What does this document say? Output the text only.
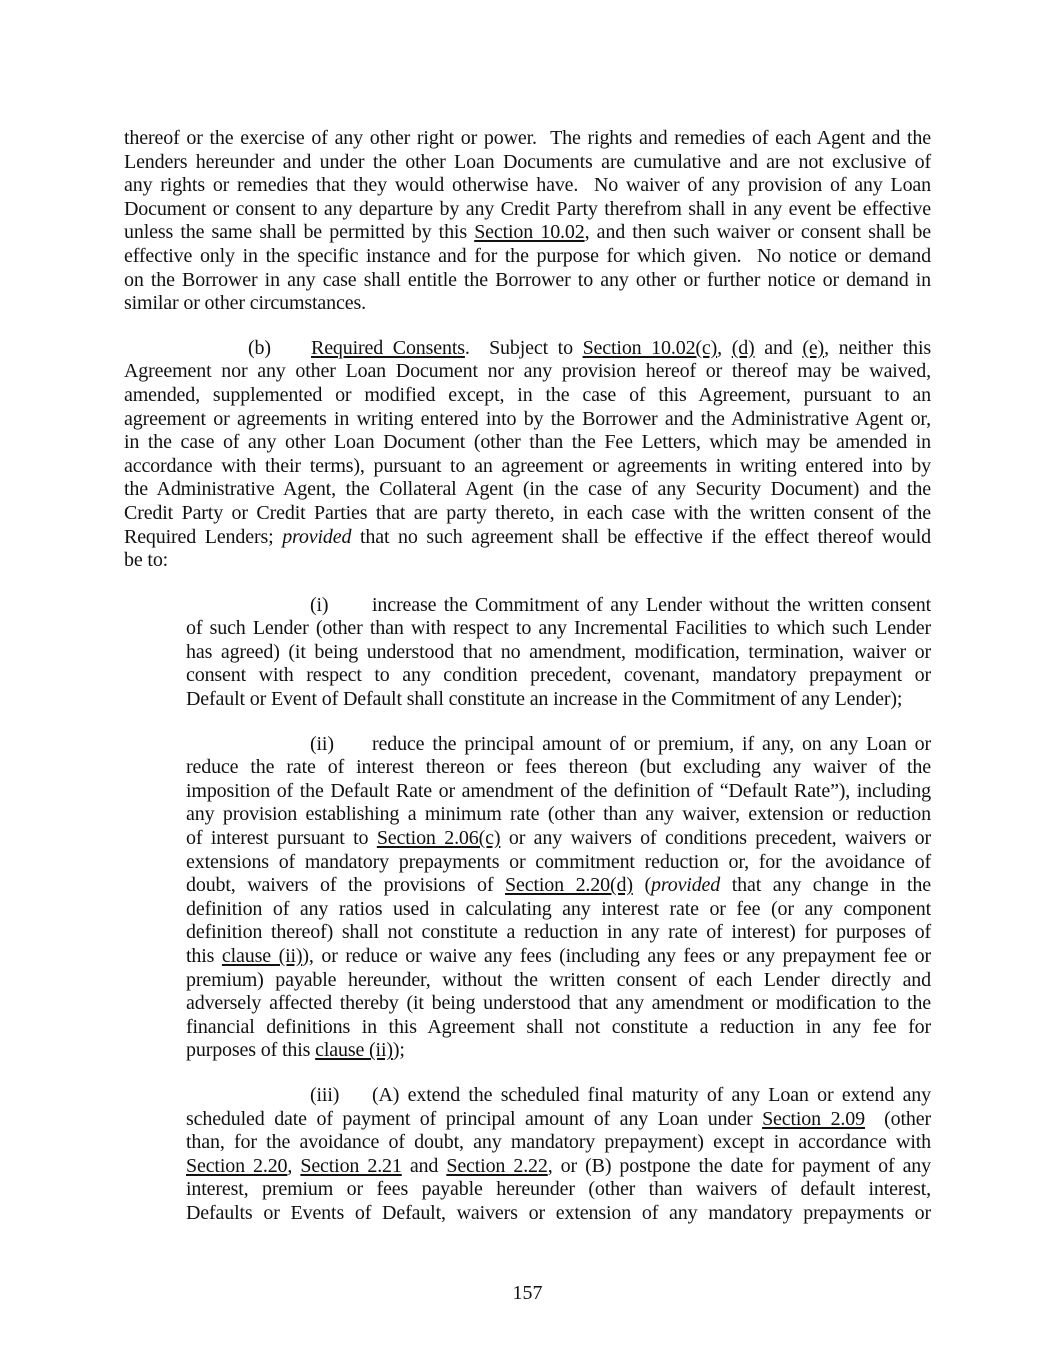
thereof or the exercise of any other right or power.  The rights and remedies of each Agent and the
Lenders hereunder and under the other Loan Documents are cumulative and are not exclusive of
any rights or remedies that they would otherwise have.  No waiver of any provision of any Loan
Document or consent to any departure by any Credit Party therefrom shall in any event be effective
unless the same shall be permitted by this Section 10.02, and then such waiver or consent shall be
effective only in the specific instance and for the purpose for which given.  No notice or demand
on the Borrower in any case shall entitle the Borrower to any other or further notice or demand in
similar or other circumstances.
(b) Required Consents.  Subject to Section 10.02(c), (d) and (e), neither this
Agreement nor any other Loan Document nor any provision hereof or thereof may be waived,
amended, supplemented or modified except, in the case of this Agreement, pursuant to an
agreement or agreements in writing entered into by the Borrower and the Administrative Agent or,
in the case of any other Loan Document (other than the Fee Letters, which may be amended in
accordance with their terms), pursuant to an agreement or agreements in writing entered into by
the Administrative Agent, the Collateral Agent (in the case of any Security Document) and the
Credit Party or Credit Parties that are party thereto, in each case with the written consent of the
Required Lenders; provided that no such agreement shall be effective if the effect thereof would
be to:
(i) increase the Commitment of any Lender without the written consent
of such Lender (other than with respect to any Incremental Facilities to which such Lender
has agreed) (it being understood that no amendment, modification, termination, waiver or
consent with respect to any condition precedent, covenant, mandatory prepayment or
Default or Event of Default shall constitute an increase in the Commitment of any Lender);
(ii) reduce the principal amount of or premium, if any, on any Loan or
reduce the rate of interest thereon or fees thereon (but excluding any waiver of the
imposition of the Default Rate or amendment of the definition of “Default Rate”), including
any provision establishing a minimum rate (other than any waiver, extension or reduction
of interest pursuant to Section 2.06(c) or any waivers of conditions precedent, waivers or
extensions of mandatory prepayments or commitment reduction or, for the avoidance of
doubt, waivers of the provisions of Section 2.20(d) (provided that any change in the
definition of any ratios used in calculating any interest rate or fee (or any component
definition thereof) shall not constitute a reduction in any rate of interest) for purposes of
this clause (ii)), or reduce or waive any fees (including any fees or any prepayment fee or
premium) payable hereunder, without the written consent of each Lender directly and
adversely affected thereby (it being understood that any amendment or modification to the
financial definitions in this Agreement shall not constitute a reduction in any fee for
purposes of this clause (ii));
(iii) (A) extend the scheduled final maturity of any Loan or extend any
scheduled date of payment of principal amount of any Loan under Section 2.09  (other
than, for the avoidance of doubt, any mandatory prepayment) except in accordance with
Section 2.20, Section 2.21 and Section 2.22, or (B) postpone the date for payment of any
interest, premium or fees payable hereunder (other than waivers of default interest,
Defaults or Events of Default, waivers or extension of any mandatory prepayments or
157
